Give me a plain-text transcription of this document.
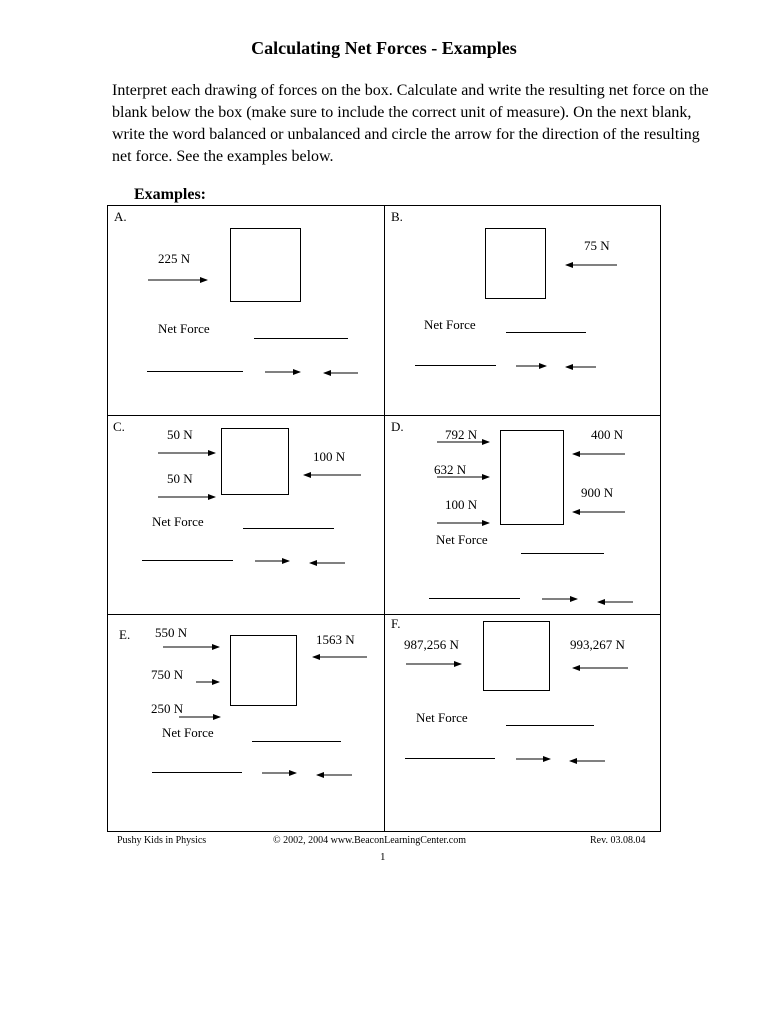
Calculating Net Forces - Examples
Interpret each drawing of forces on the box. Calculate and write the resulting net force on the blank below the box (make sure to include the correct unit of measure). On the next blank, write the word balanced or unbalanced and circle the arrow for the direction of the resulting net force. See the examples below.
Examples:
A.
225 N
Net Force
B.
75 N
Net Force
C.
50 N
50 N
100 N
Net Force
D.
792 N
632 N
100 N
400 N
900 N
Net Force
E. 550 N
750 N
250 N
1563 N
Net Force
F.
987,256 N	993,267 N
Net Force
Pushy Kids in Physics	© 2002, 2004 www.BeaconLearningCenter.com	Rev. 03.08.04
1
